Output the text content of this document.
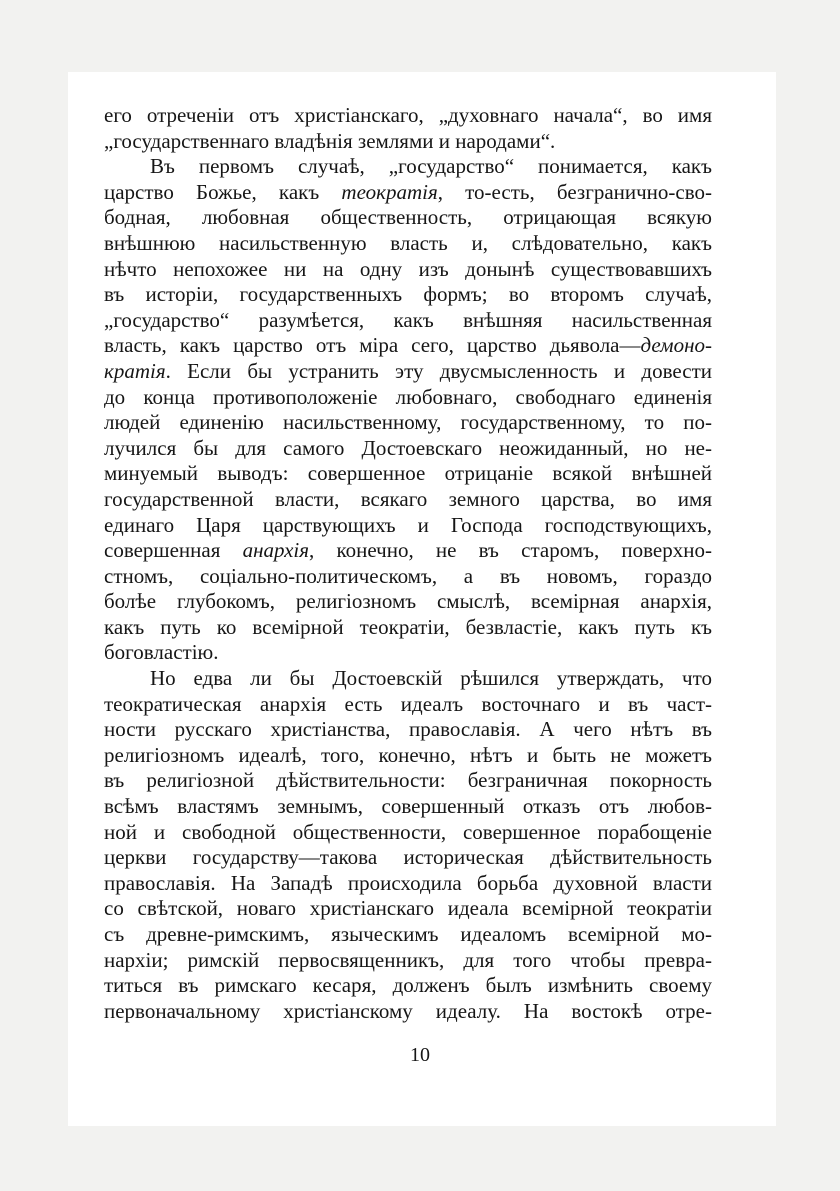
его отреченіи отъ христіанскаго, „духовнаго начала“, во имя
„государственнаго владѣнія землями и народами“.
Въ первомъ случаѣ, „государство“ понимается, какъ
царство Божье, какъ теократія, то-есть, безгранично-сво-
бодная, любовная общественность, отрицающая всякую
внѣшнюю насильственную власть и, слѣдовательно, какъ
нѣчто непохожее ни на одну изъ донынѣ существовавшихъ
въ исторіи, государственныхъ формъ; во второмъ случаѣ,
„государство“ разумѣется, какъ внѣшняя насильственная
власть, какъ царство отъ міра сего, царство дьявола—демоно-
кратія. Если бы устранить эту двусмысленность и довести
до конца противоположеніе любовнаго, свободнаго единенія
людей единенію насильственному, государственному, то по-
лучился бы для самого Достоевскаго неожиданный, но не-
минуемый выводъ: совершенное отрицаніе всякой внѣшней
государственной власти, всякаго земного царства, во имя
единаго Царя царствующихъ и Господа господствующихъ,
совершенная анархія, конечно, не въ старомъ, поверхно-
стномъ, соціально-политическомъ, а въ новомъ, гораздо
болѣе глубокомъ, религіозномъ смыслѣ, всемірная анархія,
какъ путь ко всемірной теократіи, безвластіе, какъ путь къ
боговластію.
Но едва ли бы Достоевскій рѣшился утверждать, что
теократическая анархія есть идеалъ восточнаго и въ част-
ности русскаго христіанства, православія. А чего нѣтъ въ
религіозномъ идеалѣ, того, конечно, нѣтъ и быть не можетъ
въ религіозной дѣйствительности: безграничная покорность
всѣмъ властямъ земнымъ, совершенный отказъ отъ любов-
ной и свободной общественности, совершенное порабощеніе
церкви государству—такова историческая дѣйствительность
православія. На Западѣ происходила борьба духовной власти
со свѣтской, новаго христіанскаго идеала всемірной теократіи
съ древне-римскимъ, языческимъ идеаломъ всемірной мо-
нархіи; римскій первосвященникъ, для того чтобы превра-
титься въ римскаго кесаря, долженъ былъ измѣнить своему
первоначальному христіанскому идеалу. На востокѣ отре-
10
